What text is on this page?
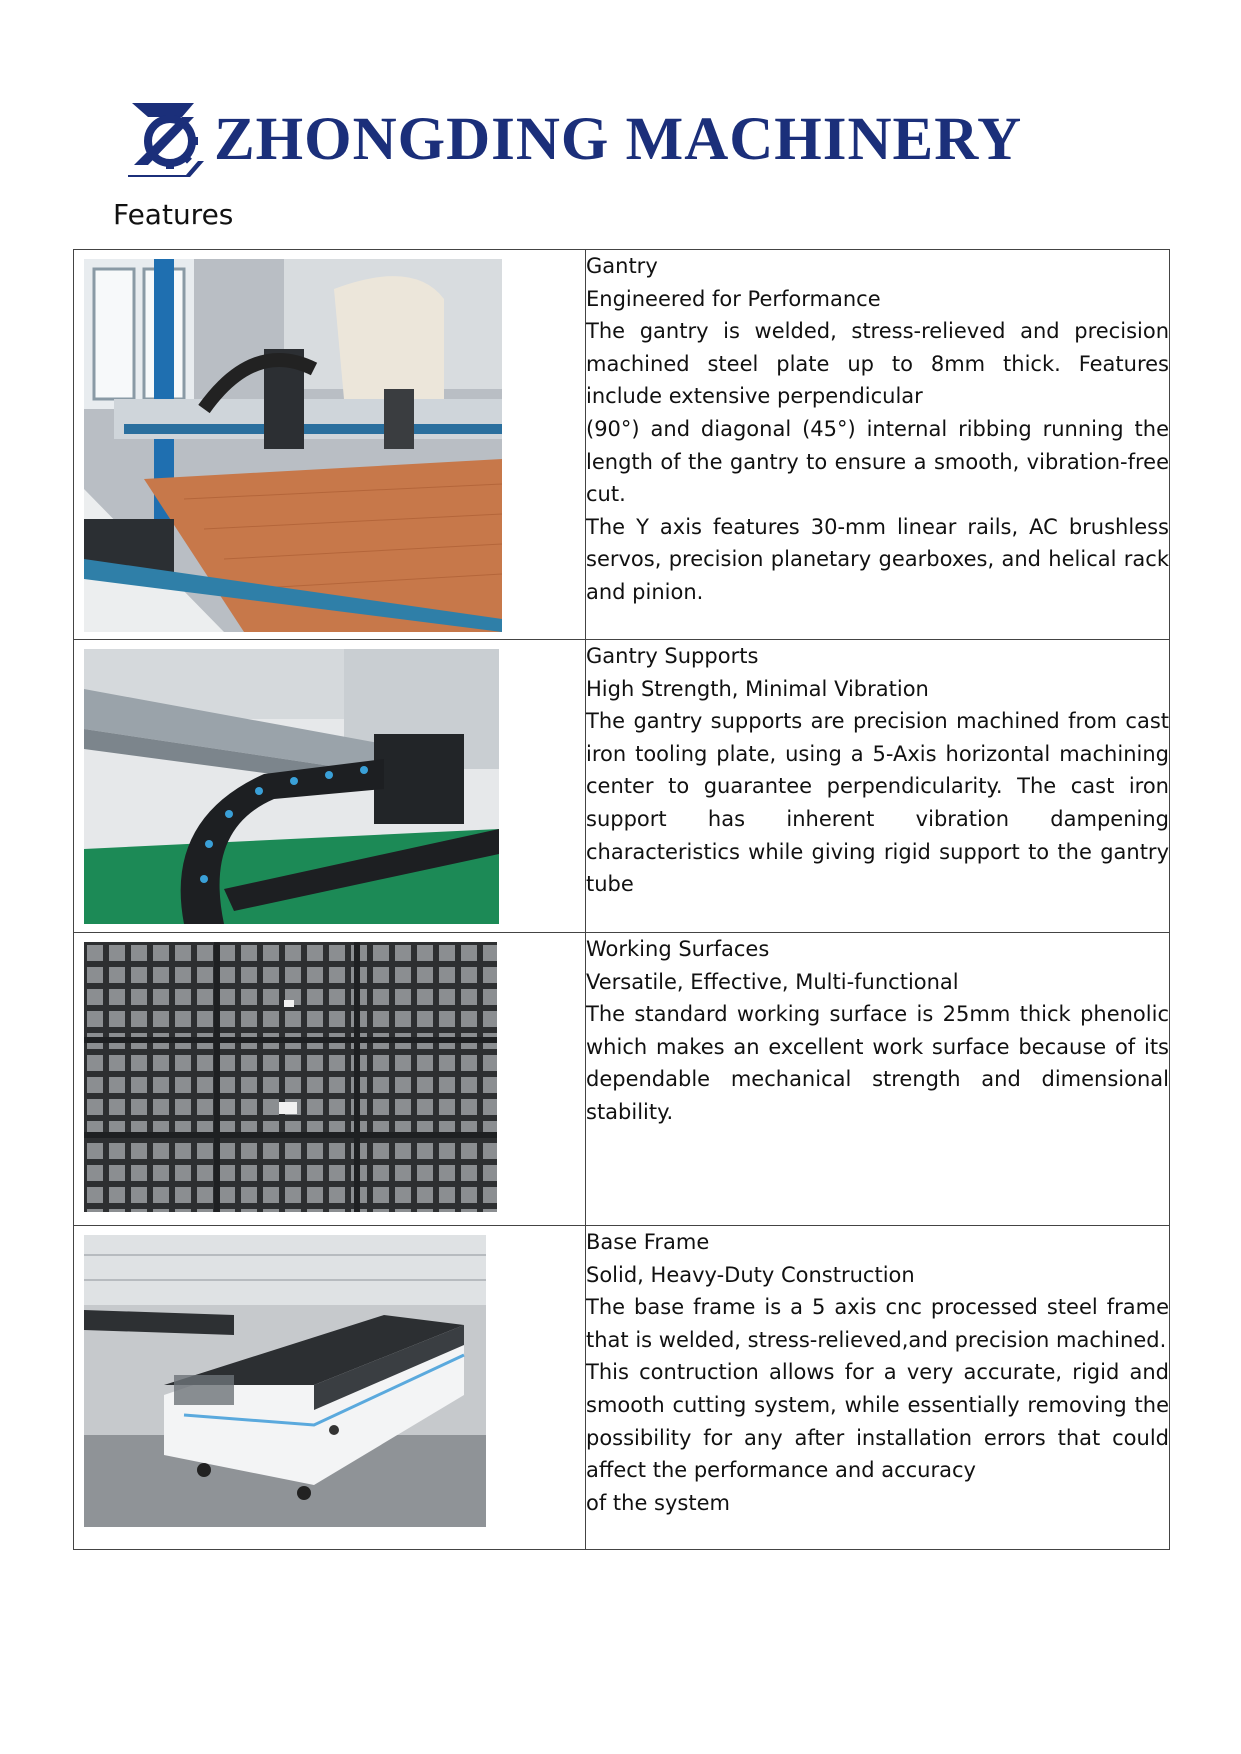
ZHONGDING MACHINERY
Features

Gantry
Engineered for Performance
The gantry is welded, stress-relieved and precision machined steel plate up to 8mm thick. Features include extensive perpendicular
(90°) and diagonal (45°) internal ribbing running the length of the gantry to ensure a smooth, vibration-free cut.
The Y axis features 30-mm linear rails, AC brushless servos, precision planetary gearboxes, and helical rack and pinion.

Gantry Supports
High Strength, Minimal Vibration
The gantry supports are precision machined from cast iron tooling plate, using a 5-Axis horizontal machining center to guarantee perpendicularity. The cast iron support has inherent vibration dampening characteristics while giving rigid support to the gantry tube

Working Surfaces
Versatile, Effective, Multi-functional
The standard working surface is 25mm thick phenolic which makes an excellent work surface because of its dependable mechanical strength and dimensional stability.

Base Frame
Solid, Heavy-Duty Construction
The base frame is a 5 axis cnc processed steel frame that is welded, stress-relieved,and precision machined.
This contruction allows for a very accurate, rigid and smooth cutting system, while essentially removing the possibility for any after installation errors that could affect the performance and accuracy
of the system
